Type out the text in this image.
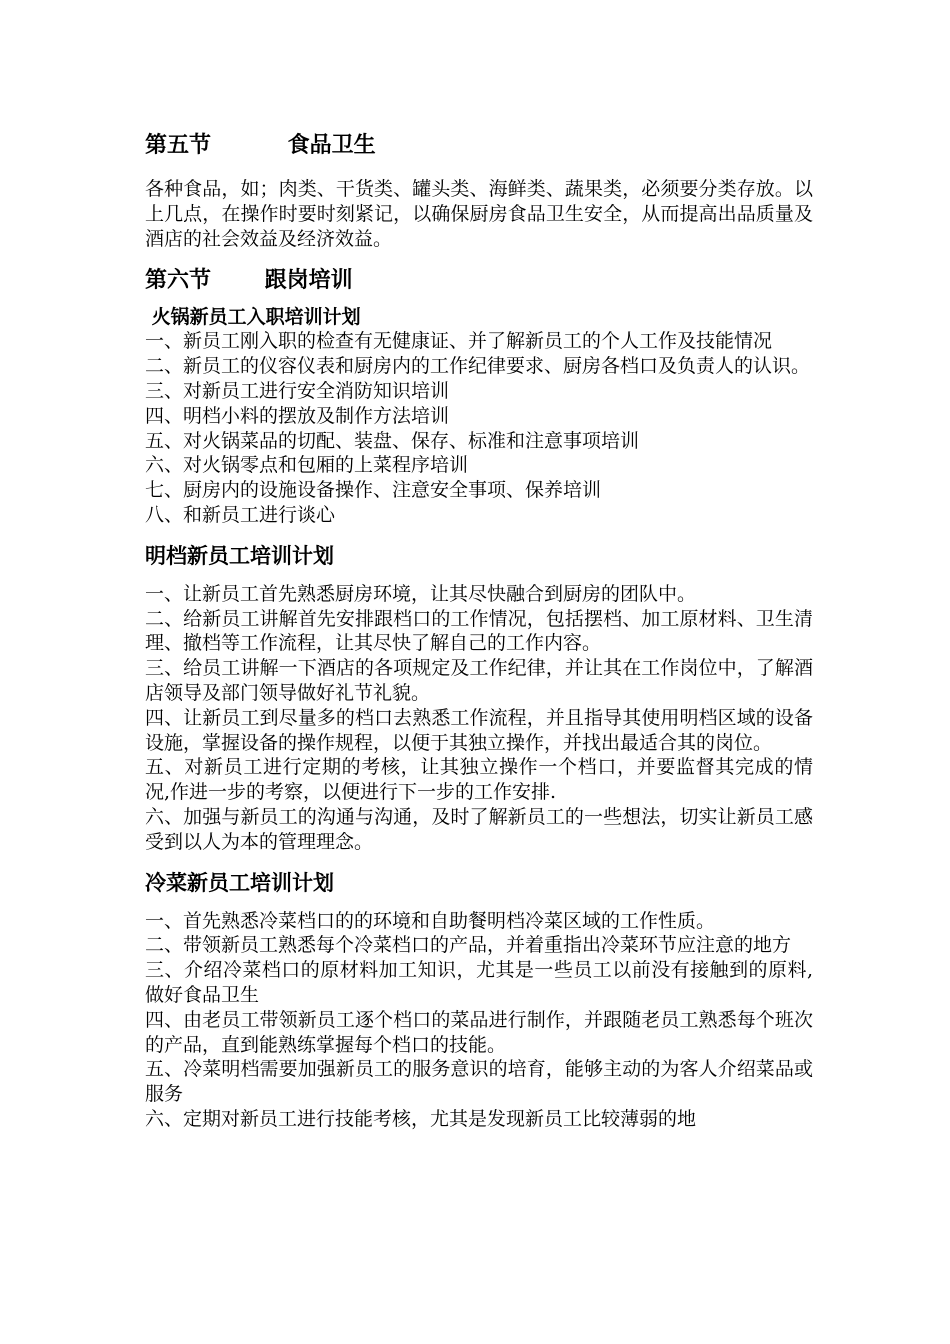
第五节          食品卫生

各种食品，如；肉类、干货类、罐头类、海鲜类、蔬果类，必须要分类存放。以上几点，在操作时要时刻紧记，以确保厨房食品卫生安全，从而提高出品质量及酒店的社会效益及经济效益。

第六节       跟岗培训
火锅新员工入职培训计划

一、新员工刚入职的检查有无健康证、并了解新员工的个人工作及技能情况

二、新员工的仪容仪表和厨房内的工作纪律要求、厨房各档口及负责人的认识。

三、对新员工进行安全消防知识培训

四、明档小料的摆放及制作方法培训

五、对火锅菜品的切配、装盘、保存、标准和注意事项培训

六、对火锅零点和包厢的上菜程序培训

七、厨房内的设施设备操作、注意安全事项、保养培训

八、和新员工进行谈心

明档新员工培训计划

一、让新员工首先熟悉厨房环境，让其尽快融合到厨房的团队中。

二、给新员工讲解首先安排跟档口的工作情况，包括摆档、加工原材料、卫生清理、撤档等工作流程，让其尽快了解自己的工作内容。

三、给员工讲解一下酒店的各项规定及工作纪律，并让其在工作岗位中，了解酒店领导及部门领导做好礼节礼貌。

四、让新员工到尽量多的档口去熟悉工作流程，并且指导其使用明档区域的设备设施，掌握设备的操作规程，以便于其独立操作，并找出最适合其的岗位。

五、对新员工进行定期的考核，让其独立操作一个档口，并要监督其完成的情况,作进一步的考察，以便进行下一步的工作安排.

六、加强与新员工的沟通与沟通，及时了解新员工的一些想法，切实让新员工感受到以人为本的管理理念。

冷菜新员工培训计划

一、首先熟悉冷菜档口的的环境和自助餐明档冷菜区域的工作性质。

二、带领新员工熟悉每个冷菜档口的产品，并着重指出冷菜环节应注意的地方

三、介绍冷菜档口的原材料加工知识，尤其是一些员工以前没有接触到的原料,做好食品卫生

四、由老员工带领新员工逐个档口的菜品进行制作，并跟随老员工熟悉每个班次的产品，直到能熟练掌握每个档口的技能。

五、冷菜明档需要加强新员工的服务意识的培育，能够主动的为客人介绍菜品或服务

六、定期对新员工进行技能考核，尤其是发现新员工比较薄弱的地
